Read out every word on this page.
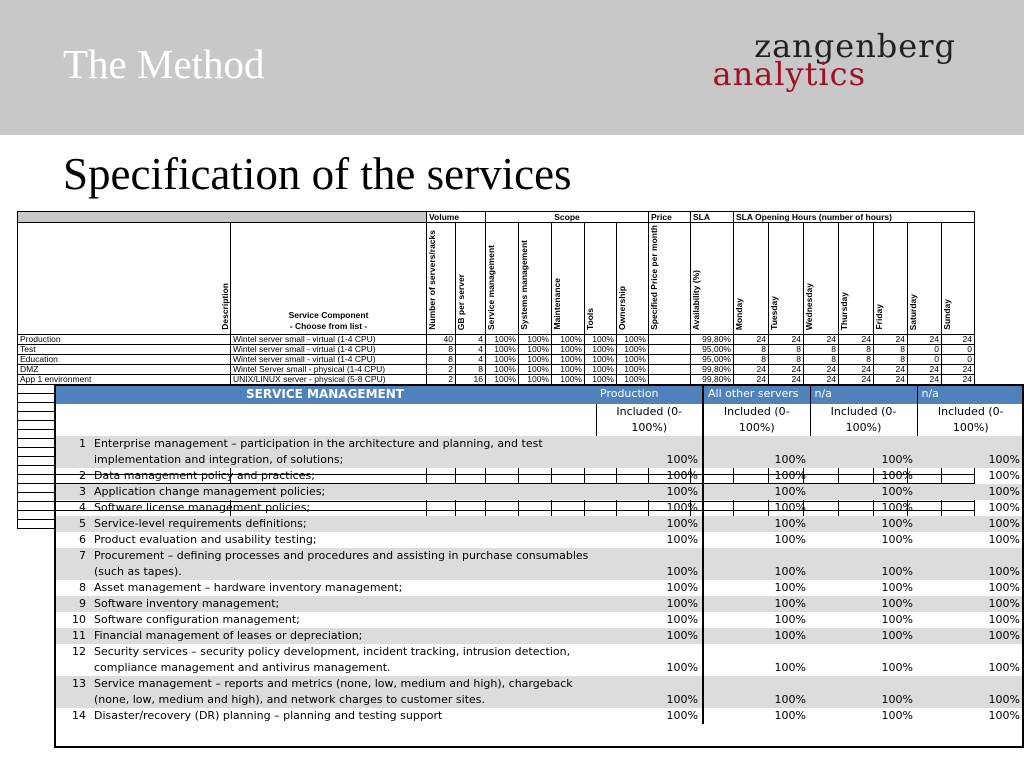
The Method	zangenberg
analytics
Specification of the services
		Volume		Scope					Price	SLA	SLA Opening Hours (number of hours)						
Description	Service Component
- Choose from list -	Number of servers/racks	GB per server	Service management	Systems management	Maintenance	Tools	Ownership	Specified Price per month	Availability (%)	Monday	Tuesday	Wednesday	Thursday	Friday	Saturday	Sunday
Production	Wintel server small - virtual (1-4 CPU)	40	4	100%	100%	100%	100%	100%		99,80%	24	24	24	24	24	24	24
Test	Wintel server small - virtual (1-4 CPU)	8	4	100%	100%	100%	100%	100%		95,00%	8	8	8	8	8	0	0
Education	Wintel server small - virtual (1-4 CPU)	8	4	100%	100%	100%	100%	100%		95,00%	8	8	8	8	8	0	0
DMZ	Wintel Server small - physical (1-4 CPU)	2	8	100%	100%	100%	100%	100%		99,80%	24	24	24	24	24	24	24
App 1 environment	UNIX/LINUX server - physical (5-8 CPU)	2	16	100%	100%	100%	100%	100%		99,80%	24	24	24	24	24	24	24

SERVICE MANAGEMENT		Production	All other servers	n/a	n/a
		Included (0-100%)	Included (0-100%)	Included (0-100%)	Included (0-100%)
1	Enterprise management – participation in the architecture and planning, and test implementation and integration, of solutions;	100%	100%	100%	100%
2	Data management policy and practices;	100%	100%	100%	100%
3	Application change management policies;	100%	100%	100%	100%
4	Software license management policies;	100%	100%	100%	100%
5	Service-level requirements definitions;	100%	100%	100%	100%
6	Product evaluation and usability testing;	100%	100%	100%	100%
7	Procurement – defining processes and procedures and assisting in purchase consumables (such as tapes).	100%	100%	100%	100%
8	Asset management – hardware inventory management;	100%	100%	100%	100%
9	Software inventory management;	100%	100%	100%	100%
10	Software configuration management;	100%	100%	100%	100%
11	Financial management of leases or depreciation;	100%	100%	100%	100%
12	Security services – security policy development, incident tracking, intrusion detection, compliance management and antivirus management.	100%	100%	100%	100%
13	Service management – reports and metrics (none, low, medium and high), chargeback (none, low, medium and high), and network charges to customer sites.	100%	100%	100%	100%
14	Disaster/recovery (DR) planning – planning and testing support	100%	100%	100%	100%
